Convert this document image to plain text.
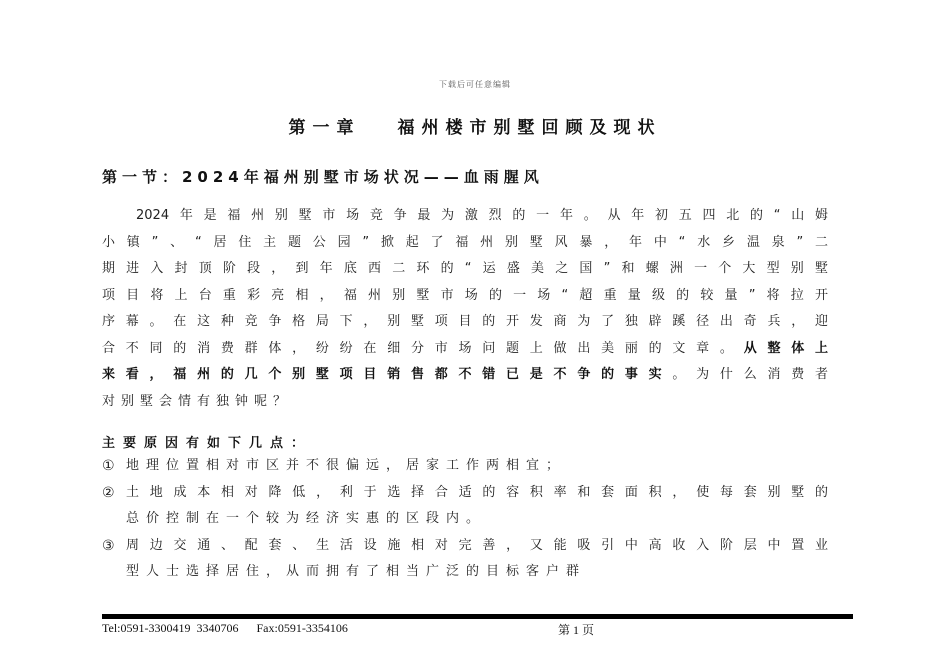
下载后可任意编辑
第一章　 福州楼市别墅回顾及现状
第一节：2024年福州别墅市场状况——血雨腥风
2024年是福州别墅市场竞争最为激烈的一年。从年初五四北的“山姆
小镇”、“居住主题公园”掀起了福州别墅风暴，年中“水乡温泉”二
期进入封顶阶段，到年底西二环的“运盛美之国”和螺洲一个大型别墅
项目将上台重彩亮相，福州别墅市场的一场“超重量级的较量”将拉开
序幕。在这种竞争格局下，别墅项目的开发商为了独辟蹊径出奇兵，迎
合不同的消费群体，纷纷在细分市场问题上做出美丽的文章。从整体上
来看，福州的几个别墅项目销售都不错已是不争的事实。为什么消费者
对别墅会情有独钟呢？
主要原因有如下几点：
① 地理位置相对市区并不很偏远，居家工作两相宜；
② 土地成本相对降低，利于选择合适的容积率和套面积，使每套别墅的
总价控制在一个较为经济实惠的区段内。
③ 周边交通、配套、生活设施相对完善，又能吸引中高收入阶层中置业
型人士选择居住，从而拥有了相当广泛的目标客户群
Tel:0591-3300419  3340706      Fax:0591-3354106	第 1 页
